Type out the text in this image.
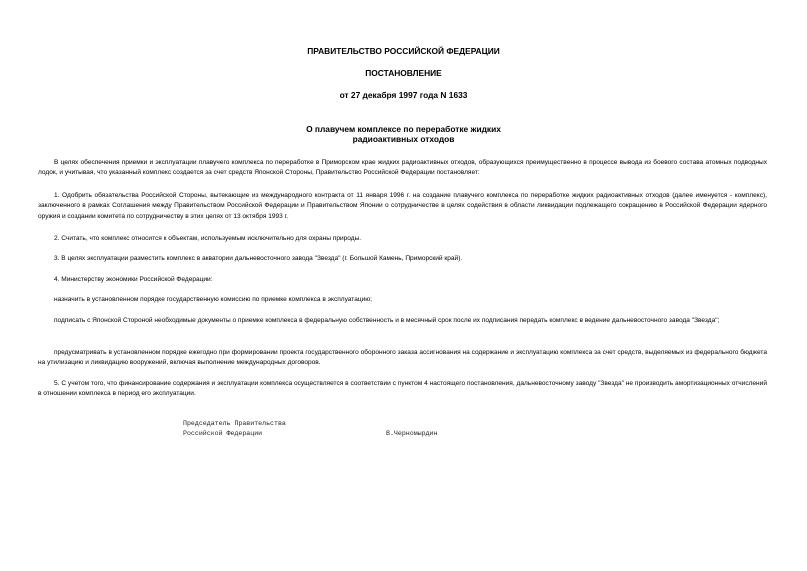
ПРАВИТЕЛЬСТВО РОССИЙСКОЙ ФЕДЕРАЦИИ
ПОСТАНОВЛЕНИЕ
от 27 декабря 1997 года N 1633
О плавучем комплексе по переработке жидких
радиоактивных отходов
В целях обеспечения приемки и эксплуатации плавучего комплекса по переработке в Приморском крае жидких радиоактивных отходов, образующихся преимущественно в процессе вывода из боевого состава атомных подводных лодок, и учитывая, что указанный комплекс создается за счет средств Японской Стороны, Правительство Российской Федерации постановляет:
1. Одобрить обязательства Российской Стороны, вытекающие из международного контракта от 11 января 1996 г. на создание плавучего комплекса по переработке жидких радиоактивных отходов (далее именуется - комплекс), заключенного в рамках Соглашения между Правительством Российской Федерации и Правительством Японии о сотрудничестве в целях содействия в области ликвидации подлежащего сокращению в Российской Федерации ядерного оружия и создании комитета по сотрудничеству в этих целях от 13 октября 1993 г.
2. Считать, что комплекс относится к объектам, используемым исключительно для охраны природы.
3. В целях эксплуатации разместить комплекс в акватории дальневосточного завода "Звезда" (г. Большой Камень, Приморский край).
4. Министерству экономики Российской Федерации:
назначить в установленном порядке государственную комиссию по приемке комплекса в эксплуатацию;
подписать с Японской Стороной необходимые документы о приемке комплекса в федеральную собственность и в месячный срок после их подписания передать комплекс в ведение дальневосточного завода "Звезда";
предусматривать в установленном порядке ежегодно при формировании проекта государственного оборонного заказа ассигнования на содержание и эксплуатацию комплекса за счет средств, выделяемых из федерального бюджета на утилизацию и ликвидацию вооружений, включая выполнение международных договоров.
5. С учетом того, что финансирование содержания и эксплуатации комплекса осуществляется в соответствии с пунктом 4 настоящего постановления, дальневосточному заводу "Звезда" не производить амортизационных отчислений в отношении комплекса в период его эксплуатации.
Председатель Правительства
Российской Федерации	В.Черномырдин
